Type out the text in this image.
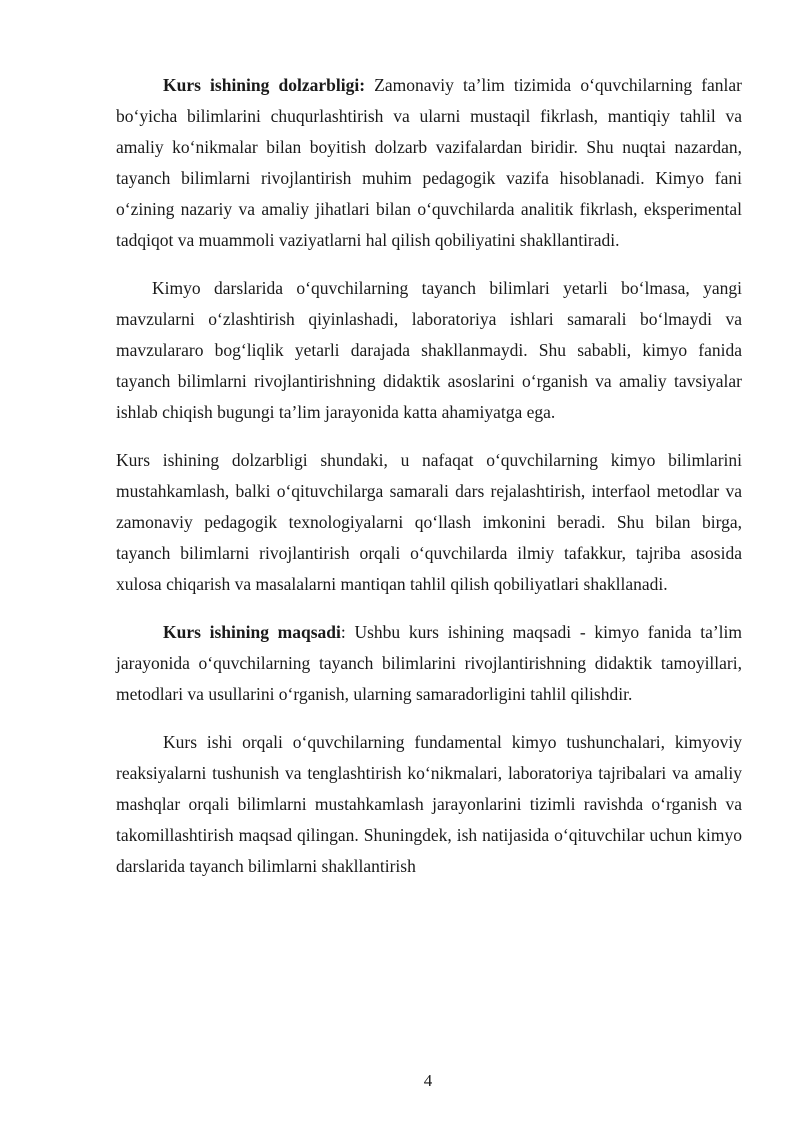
Kurs ishining dolzarbligi: Zamonaviy ta’lim tizimida o‘quvchilarning fanlar bo‘yicha bilimlarini chuqurlashtirish va ularni mustaqil fikrlash, mantiqiy tahlil va amaliy ko‘nikmalar bilan boyitish dolzarb vazifalardan biridir. Shu nuqtai nazardan, tayanch bilimlarni rivojlantirish muhim pedagogik vazifa hisoblanadi. Kimyo fani o‘zining nazariy va amaliy jihatlari bilan o‘quvchilarda analitik fikrlash, eksperimental tadqiqot va muammoli vaziyatlarni hal qilish qobiliyatini shakllantiradi.

Kimyo darslarida o‘quvchilarning tayanch bilimlari yetarli bo‘lmasa, yangi mavzularni o‘zlashtirish qiyinlashadi, laboratoriya ishlari samarali bo‘lmaydi va mavzulararo bog‘liqlik yetarli darajada shakllanmaydi. Shu sababli, kimyo fanida tayanch bilimlarni rivojlantirishning didaktik asoslarini o‘rganish va amaliy tavsiyalar ishlab chiqish bugungi ta’lim jarayonida katta ahamiyatga ega.

Kurs ishining dolzarbligi shundaki, u nafaqat o‘quvchilarning kimyo bilimlarini mustahkamlash, balki o‘qituvchilarga samarali dars rejalashtirish, interfaol metodlar va zamonaviy pedagogik texnologiyalarni qo‘llash imkonini beradi. Shu bilan birga, tayanch bilimlarni rivojlantirish orqali o‘quvchilarda ilmiy tafakkur, tajriba asosida xulosa chiqarish va masalalarni mantiqan tahlil qilish qobiliyatlari shakllanadi.

Kurs ishining maqsadi: Ushbu kurs ishining maqsadi - kimyo fanida ta’lim jarayonida o‘quvchilarning tayanch bilimlarini rivojlantirishning didaktik tamoyillari, metodlari va usullarini o‘rganish, ularning samaradorligini tahlil qilishdir.

Kurs ishi orqali o‘quvchilarning fundamental kimyo tushunchalari, kimyoviy reaksiyalarni tushunish va tenglashtirish ko‘nikmalari, laboratoriya tajribalari va amaliy mashqlar orqali bilimlarni mustahkamlash jarayonlarini tizimli ravishda o‘rganish va takomillashtirish maqsad qilingan. Shuningdek, ish natijasida o‘qituvchilar uchun kimyo darslarida tayanch bilimlarni shakllantirish

4
